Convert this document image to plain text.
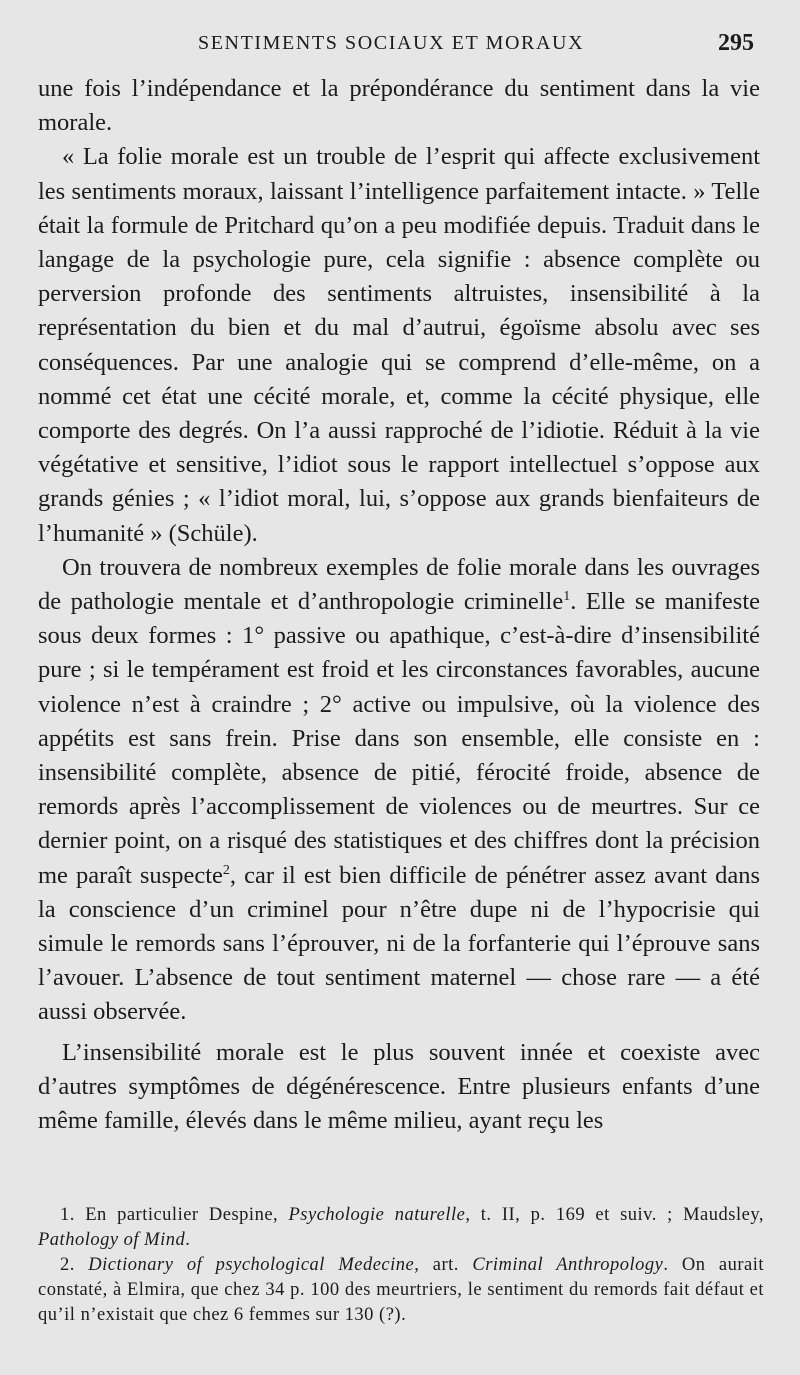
SENTIMENTS SOCIAUX ET MORAUX	295

une fois l’indépendance et la prépondérance du sentiment dans la vie morale.

« La folie morale est un trouble de l’esprit qui affecte exclusivement les sentiments moraux, laissant l’intelligence parfaitement intacte. » Telle était la formule de Pritchard qu’on a peu modifiée depuis. Traduit dans le langage de la psychologie pure, cela signifie : absence complète ou perversion profonde des sentiments altruistes, insensibilité à la représentation du bien et du mal d’autrui, égoïsme absolu avec ses conséquences. Par une analogie qui se comprend d’elle-même, on a nommé cet état une cécité morale, et, comme la cécité physique, elle comporte des degrés. On l’a aussi rapproché de l’idiotie. Réduit à la vie végétative et sensitive, l’idiot sous le rapport intellectuel s’oppose aux grands génies ; « l’idiot moral, lui, s’oppose aux grands bienfaiteurs de l’humanité » (Schüle).

On trouvera de nombreux exemples de folie morale dans les ouvrages de pathologie mentale et d’anthropologie criminelle$^1$. Elle se manifeste sous deux formes : 1° passive ou apathique, c’est-à-dire d’insensibilité pure ; si le tempérament est froid et les circonstances favorables, aucune violence n’est à craindre ; 2° active ou impulsive, où la violence des appétits est sans frein. Prise dans son ensemble, elle consiste en : insensibilité complète, absence de pitié, férocité froide, absence de remords après l’accomplissement de violences ou de meurtres. Sur ce dernier point, on a risqué des statistiques et des chiffres dont la précision me paraît suspecte$^2$, car il est bien difficile de pénétrer assez avant dans la conscience d’un criminel pour n’être dupe ni de l’hypocrisie qui simule le remords sans l’éprouver, ni de la forfanterie qui l’éprouve sans l’avouer. L’absence de tout sentiment maternel — chose rare — a été aussi observée.

L’insensibilité morale est le plus souvent innée et coexiste avec d’autres symptômes de dégénérescence. Entre plusieurs enfants d’une même famille, élevés dans le même milieu, ayant reçu les

1. En particulier Despine, Psychologie naturelle, t. II, p. 169 et suiv. ; Maudsley, Pathology of Mind.

2. Dictionary of psychological Medecine, art. Criminal Anthropology. On aurait constaté, à Elmira, que chez 34 p. 100 des meurtriers, le sentiment du remords fait défaut et qu’il n’existait que chez 6 femmes sur 130 (?).
